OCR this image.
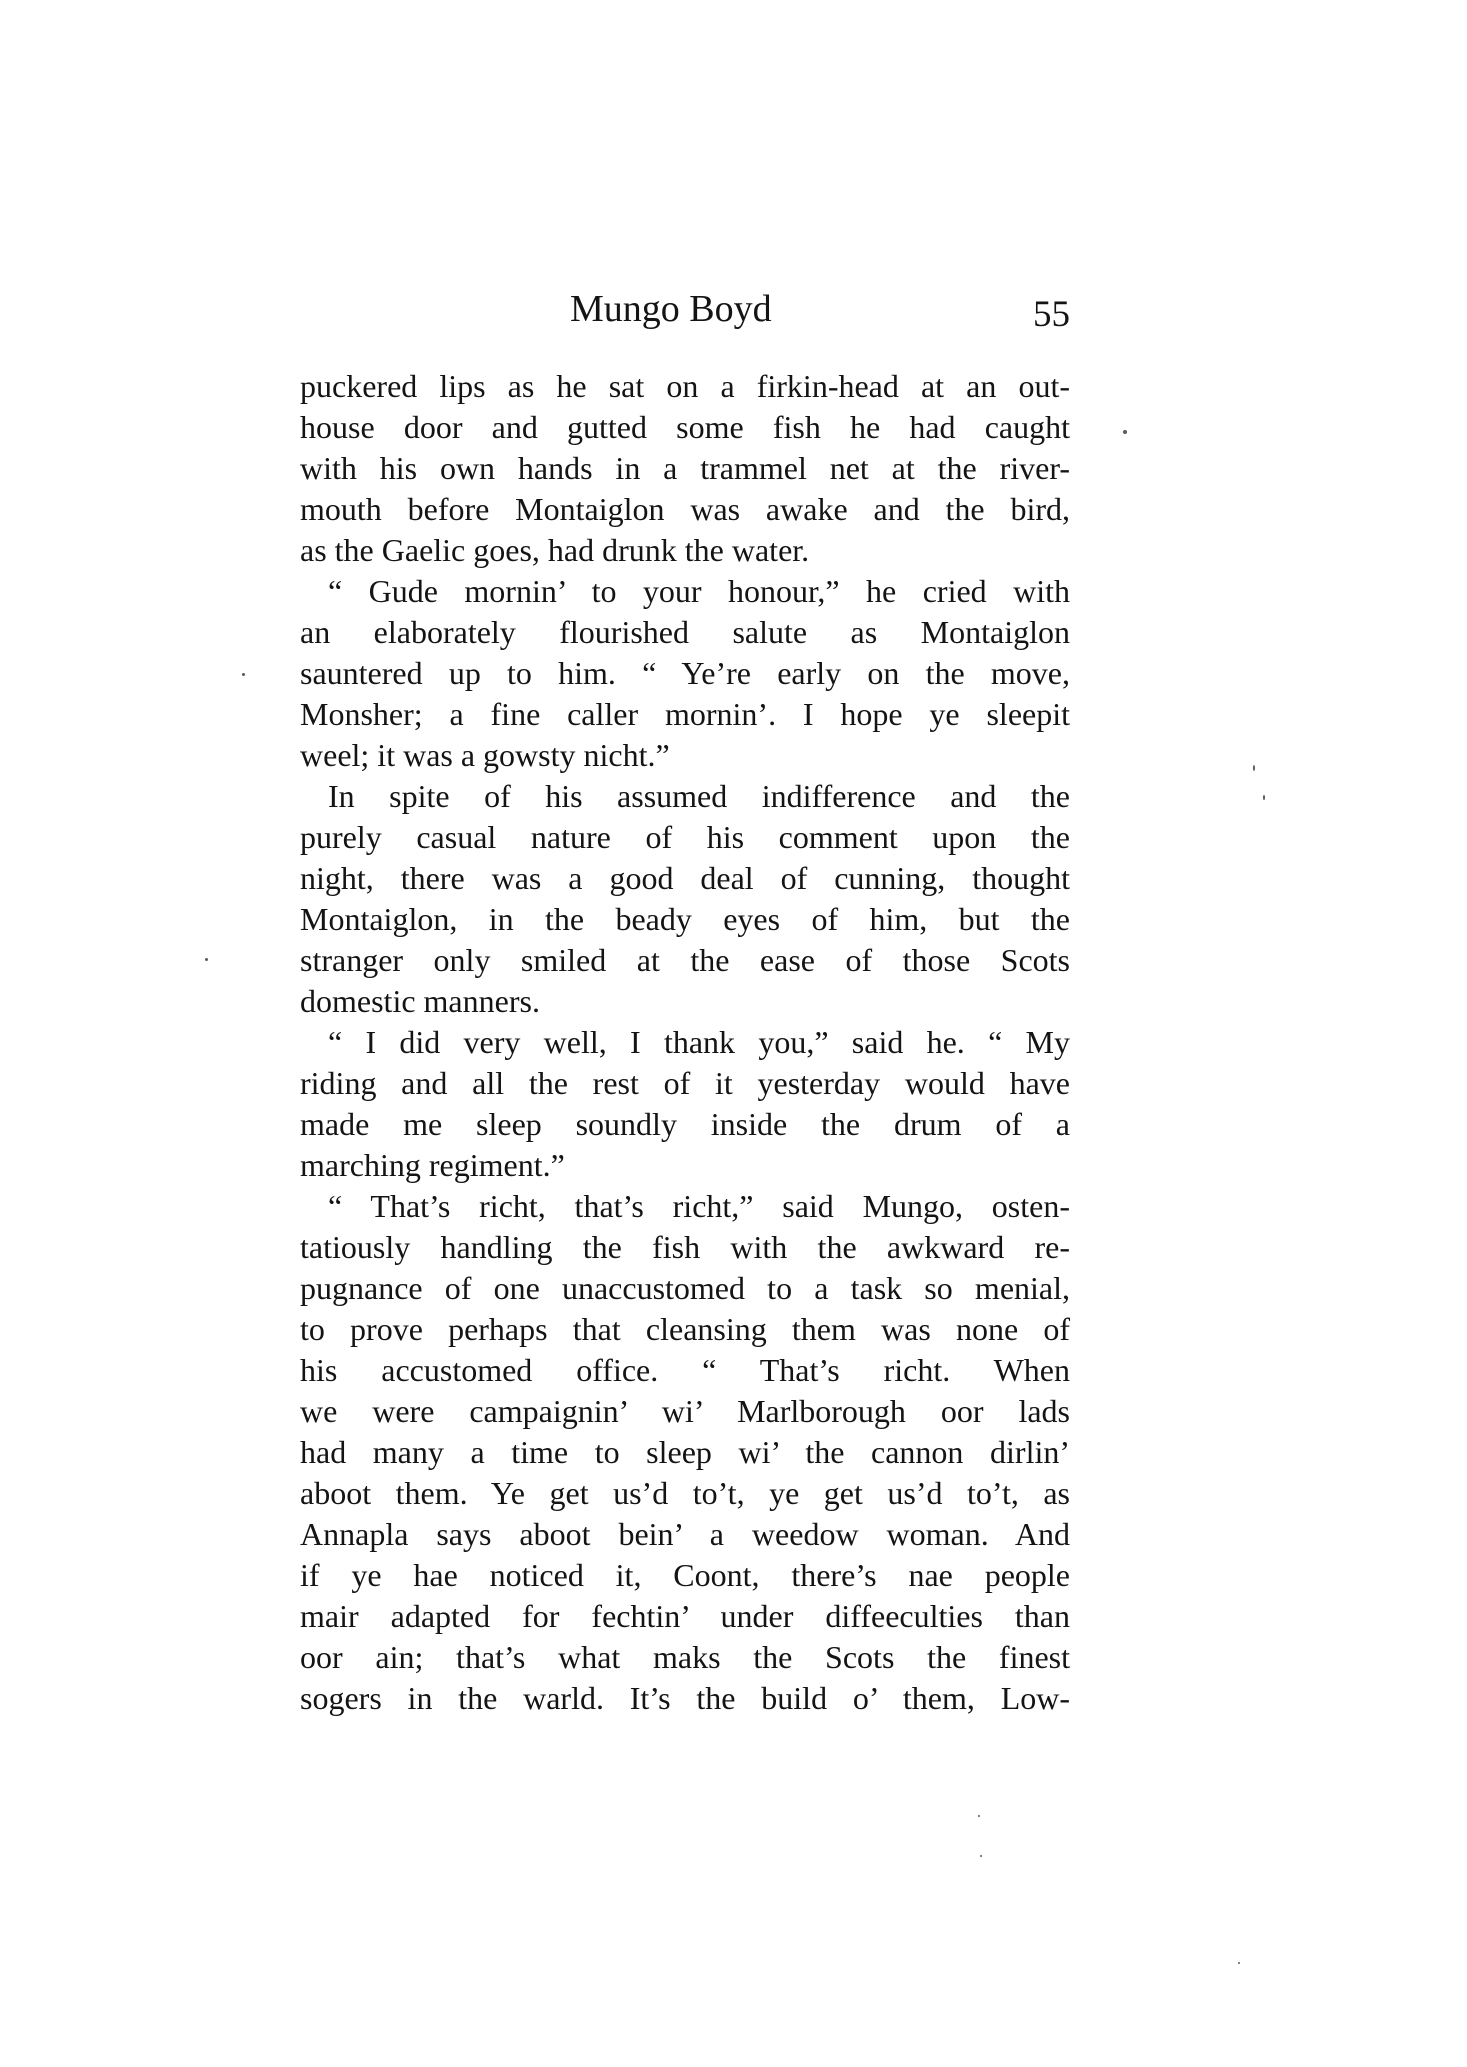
Mungo Boyd	55
puckered lips as he sat on a firkin-head at an out-
house door and gutted some fish he had caught
with his own hands in a trammel net at the river-
mouth before Montaiglon was awake and the bird,
as the Gaelic goes, had drunk the water.
“ Gude mornin’ to your honour,” he cried with
an elaborately flourished salute as Montaiglon
sauntered up to him. “ Ye’re early on the move,
Monsher; a fine caller mornin’. I hope ye sleepit
weel; it was a gowsty nicht.”
In spite of his assumed indifference and the
purely casual nature of his comment upon the
night, there was a good deal of cunning, thought
Montaiglon, in the beady eyes of him, but the
stranger only smiled at the ease of those Scots
domestic manners.
“ I did very well, I thank you,” said he. “ My
riding and all the rest of it yesterday would have
made me sleep soundly inside the drum of a
marching regiment.”
“ That’s richt, that’s richt,” said Mungo, osten-
tatiously handling the fish with the awkward re-
pugnance of one unaccustomed to a task so menial,
to prove perhaps that cleansing them was none of
his accustomed office. “ That’s richt. When
we were campaignin’ wi’ Marlborough oor lads
had many a time to sleep wi’ the cannon dirlin’
aboot them. Ye get us’d to’t, ye get us’d to’t, as
Annapla says aboot bein’ a weedow woman. And
if ye hae noticed it, Coont, there’s nae people
mair adapted for fechtin’ under diffeeculties than
oor ain; that’s what maks the Scots the finest
sogers in the warld. It’s the build o’ them, Low-
